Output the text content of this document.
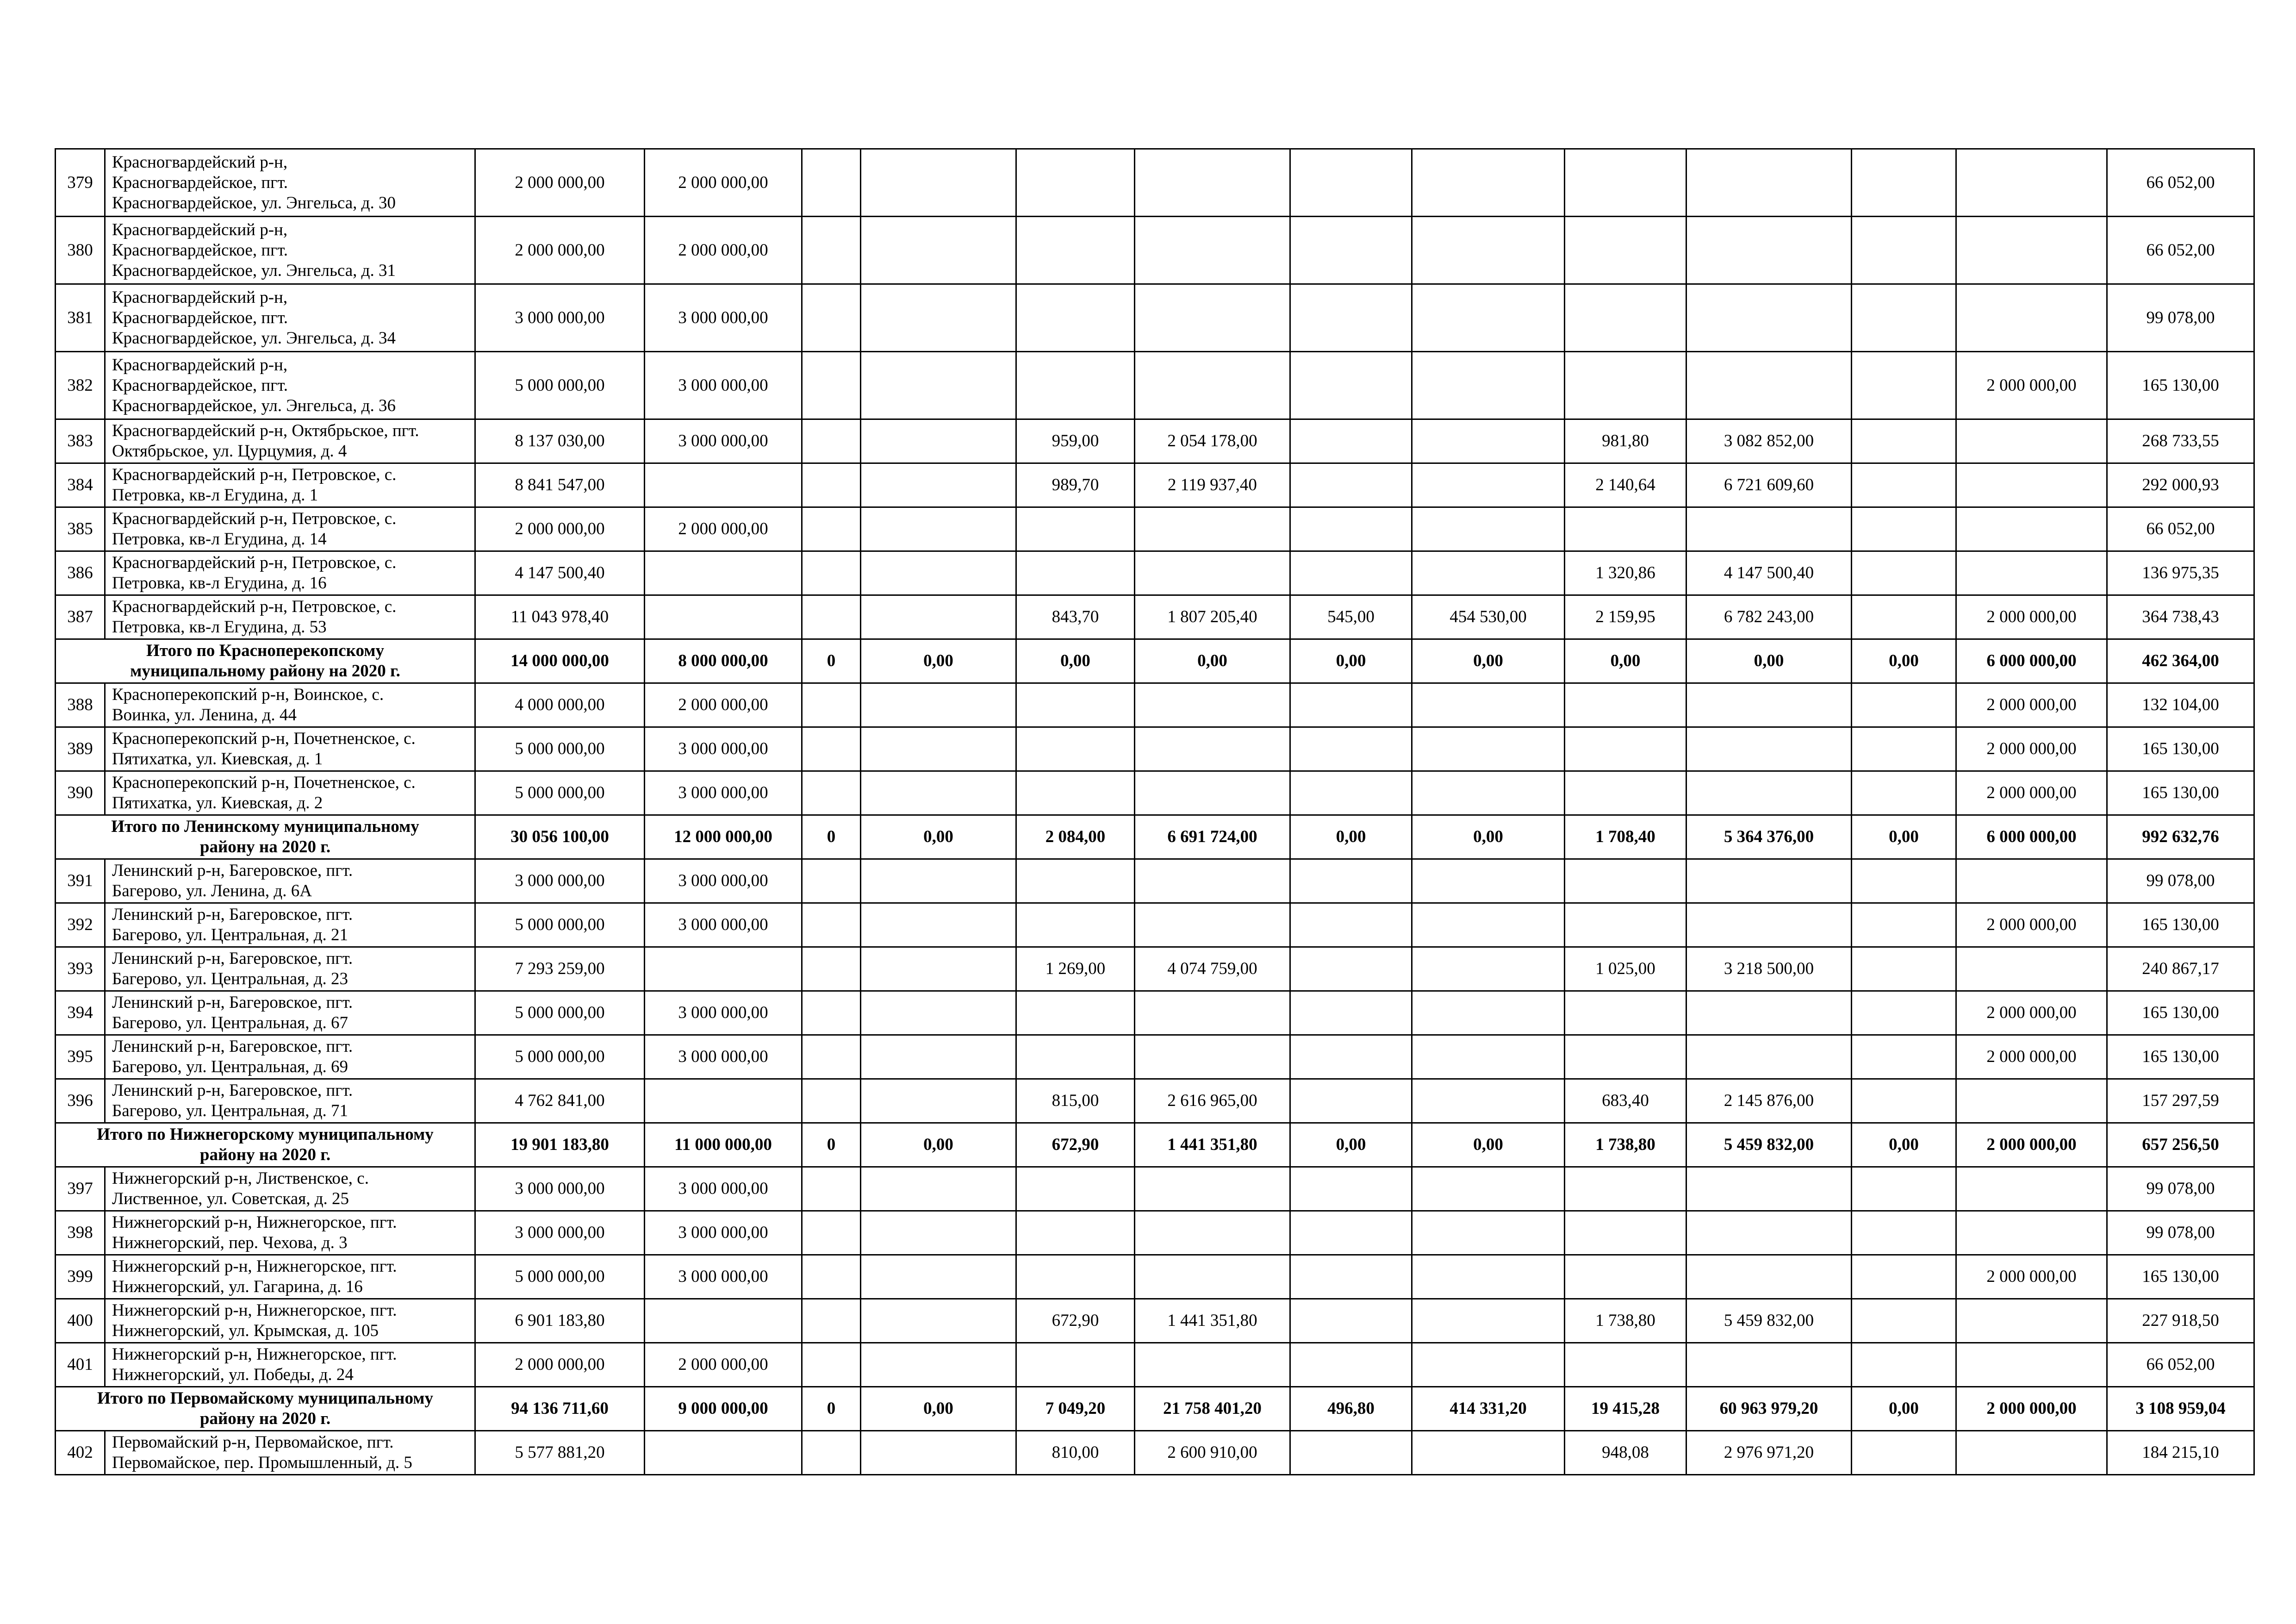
379	Красногвардейский р-н,
Красногвардейское, пгт.
Красногвардейское, ул. Энгельса, д. 30	2 000 000,00	2 000 000,00											66 052,00
380	Красногвардейский р-н,
Красногвардейское, пгт.
Красногвардейское, ул. Энгельса, д. 31	2 000 000,00	2 000 000,00											66 052,00
381	Красногвардейский р-н,
Красногвардейское, пгт.
Красногвардейское, ул. Энгельса, д. 34	3 000 000,00	3 000 000,00											99 078,00
382	Красногвардейский р-н,
Красногвардейское, пгт.
Красногвардейское, ул. Энгельса, д. 36	5 000 000,00	3 000 000,00										2 000 000,00	165 130,00
383	Красногвардейский р-н, Октябрьское, пгт.
Октябрьское, ул. Цурцумия, д. 4	8 137 030,00	3 000 000,00			959,00	2 054 178,00			981,80	3 082 852,00			268 733,55
384	Красногвардейский р-н, Петровское, с.
Петровка, кв-л Егудина, д. 1	8 841 547,00				989,70	2 119 937,40			2 140,64	6 721 609,60			292 000,93
385	Красногвардейский р-н, Петровское, с.
Петровка, кв-л Егудина, д. 14	2 000 000,00	2 000 000,00											66 052,00
386	Красногвардейский р-н, Петровское, с.
Петровка, кв-л Егудина, д. 16	4 147 500,40								1 320,86	4 147 500,40			136 975,35
387	Красногвардейский р-н, Петровское, с.
Петровка, кв-л Егудина, д. 53	11 043 978,40				843,70	1 807 205,40	545,00	454 530,00	2 159,95	6 782 243,00		2 000 000,00	364 738,43
Итого по Красноперекопскому
муниципальному району на 2020 г.		14 000 000,00	8 000 000,00	0	0,00	0,00	0,00	0,00	0,00	0,00	0,00	0,00	6 000 000,00	462 364,00
388	Красноперекопский р-н, Воинское, с.
Воинка, ул. Ленина, д. 44	4 000 000,00	2 000 000,00										2 000 000,00	132 104,00
389	Красноперекопский р-н, Почетненское, с.
Пятихатка, ул. Киевская, д. 1	5 000 000,00	3 000 000,00										2 000 000,00	165 130,00
390	Красноперекопский р-н, Почетненское, с.
Пятихатка, ул. Киевская, д. 2	5 000 000,00	3 000 000,00										2 000 000,00	165 130,00
Итого по Ленинскому муниципальному
району на 2020 г.		30 056 100,00	12 000 000,00	0	0,00	2 084,00	6 691 724,00	0,00	0,00	1 708,40	5 364 376,00	0,00	6 000 000,00	992 632,76
391	Ленинский р-н, Багеровское, пгт.
Багерово, ул. Ленина, д. 6А	3 000 000,00	3 000 000,00											99 078,00
392	Ленинский р-н, Багеровское, пгт.
Багерово, ул. Центральная, д. 21	5 000 000,00	3 000 000,00										2 000 000,00	165 130,00
393	Ленинский р-н, Багеровское, пгт.
Багерово, ул. Центральная, д. 23	7 293 259,00				1 269,00	4 074 759,00			1 025,00	3 218 500,00			240 867,17
394	Ленинский р-н, Багеровское, пгт.
Багерово, ул. Центральная, д. 67	5 000 000,00	3 000 000,00										2 000 000,00	165 130,00
395	Ленинский р-н, Багеровское, пгт.
Багерово, ул. Центральная, д. 69	5 000 000,00	3 000 000,00										2 000 000,00	165 130,00
396	Ленинский р-н, Багеровское, пгт.
Багерово, ул. Центральная, д. 71	4 762 841,00				815,00	2 616 965,00			683,40	2 145 876,00			157 297,59
Итого по Нижнегорскому муниципальному
району на 2020 г.		19 901 183,80	11 000 000,00	0	0,00	672,90	1 441 351,80	0,00	0,00	1 738,80	5 459 832,00	0,00	2 000 000,00	657 256,50
397	Нижнегорский р-н, Лиственское, с.
Лиственное, ул. Советская, д. 25	3 000 000,00	3 000 000,00											99 078,00
398	Нижнегорский р-н, Нижнегорское, пгт.
Нижнегорский, пер. Чехова, д. 3	3 000 000,00	3 000 000,00											99 078,00
399	Нижнегорский р-н, Нижнегорское, пгт.
Нижнегорский, ул. Гагарина, д. 16	5 000 000,00	3 000 000,00										2 000 000,00	165 130,00
400	Нижнегорский р-н, Нижнегорское, пгт.
Нижнегорский, ул. Крымская, д. 105	6 901 183,80				672,90	1 441 351,80			1 738,80	5 459 832,00			227 918,50
401	Нижнегорский р-н, Нижнегорское, пгт.
Нижнегорский, ул. Победы, д. 24	2 000 000,00	2 000 000,00											66 052,00
Итого по Первомайскому муниципальному
району на 2020 г.		94 136 711,60	9 000 000,00	0	0,00	7 049,20	21 758 401,20	496,80	414 331,20	19 415,28	60 963 979,20	0,00	2 000 000,00	3 108 959,04
402	Первомайский р-н, Первомайское, пгт.
Первомайское, пер. Промышленный, д. 5	5 577 881,20				810,00	2 600 910,00			948,08	2 976 971,20			184 215,10
